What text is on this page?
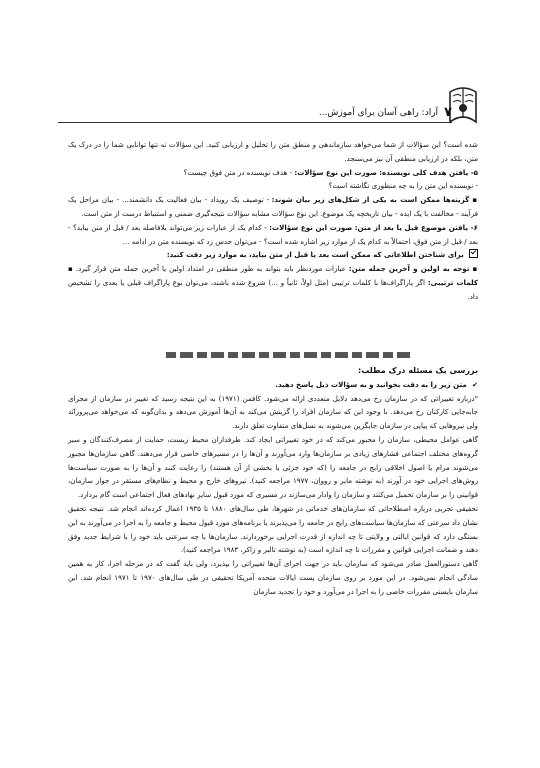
۷
آراد: راهی آسان برای آموزش...

شده است؟ این سؤالات از شما می‌خواهد سازماندهی و منطق متن را تحلیل و ارزیابی کنید. این سؤالات نه تنها توانایی شما را در درک یک متن، بلکه در ارزیابی منطقی آن نیز می‌سنجد.

۵- یافتن هدف کلی نویسنده: صورت این نوع سؤالات: - هدف نویسنده در متن فوق چیست؟

- نویسنده این متن را به چه منظوری نگاشته است؟

▪ گزینه‌ها ممکن است به یکی از شکل‌های زیر بیان شوند: - توصیف یک رویداد - بیان فعالیت یک دانشمند... - بیان مراحل یک فرآیند - مخالفت با یک ایده - بیان تاریخچه یک موضوع. این نوع سؤالات مشابه سؤالات نتیجه‌گیری ضمنی و استنباط درست از متن است.

۶- یافتن موضوع قبل یا بعد از متن: صورت این نوع سؤالات: - کدام یک از عبارات زیر می‌تواند بلافاصله بعد / قبل از متن بیاید؟ - بعد / قبل از متن فوق، احتمالاً به کدام یک از موارد زیر اشاره شده است؟ - می‌توان حدس زد که نویسنده متن در ادامه ...

برای شناختن اطلاعاتی که ممکن است بعد یا قبل از متن بیاید، به موارد زیر دقت کنید:

▪ توجه به اولین و آخرین جمله متن: عبارات موردنظر باید بتواند به طور منطقی در امتداد اولین یا آخرین جمله متن قرار گیرد. ▪ کلمات ترتیبی: اگر پاراگراف‌ها با کلمات ترتیبی (مثل اولاً، ثانیاً و ...) شروع شده باشند، می‌توان نوع پاراگراف قبلی یا بعدی را تشخیص داد.

بررسی یک مسئله درک مطلب:

✔ متن زیر را به دقت بخوانید و به سؤالات ذیل پاسخ دهید.

"درباره تغییراتی که در سازمان رخ می‌دهد دلایل متعددی ارائه می‌شود. کافمن (۱۹۷۱) به این نتیجه رسید که تغییر در سازمان از مجرای جابه‌جایی کارکنان رخ می‌دهد. با وجود این که سازمان افراد را گزینش می‌کند به آن‌ها آموزش می‌دهد و بدان‌گونه که می‌خواهد می‌پرورانَد ولی نیروهایی که پیاپی در سازمان جایگزین می‌شوند به نسل‌های متفاوت تعلق دارند.

گاهی عوامل محیطی، سازمان را مجبور می‌کند که در خود تغییراتی ایجاد کند. طرفداران محیط زیست، حمایت از مصرف‌کنندگان و سیر گروه‌های مختلف اجتماعی فشارهای زیادی بر سازمان‌ها وارد می‌آورند و آن‌ها را در مسیرهای خاصی قرار می‌دهند. گاهی سازمان‌ها مجبور می‌شوند مرام یا اصول اخلاقی رایج در جامعه را (که خود جزئی یا بخشی از آن هستند) را رعایت کنند و آن‌ها را به صورت سیاست‌ها روش‌های اجرایی خود در آورند (به نوشته مایر و روواِن، ۱۹۷۷ مراجعه کنید). نیروهای خارج و محیط و نظام‌های مستقر در جوار سازمان، قوانینی را بر سازمان تحمیل می‌کنند و سازمان را وادار می‌سازند در مسیری که مورد قبول سایر نهادهای فعال اجتماعی است گام بردارد.

تحقیقی تجربی درباره اصطلاحاتی که سازمان‌های خدماتی در شهرها، طی سال‌های ۱۸۸۰ تا ۱۹۳۵ اعمال کرده‌اند انجام شد. نتیجه تحقیق نشان داد سرعتی که سازمان‌ها سیاست‌های رایج در جامعه را می‌پذیرند یا برنامه‌های مورد قبول محیط و جامعه را به اجرا در می‌آورند به این بستگی دارد که قوانین ایالتی و ولایتی تا چه اندازه از قدرت اجرایی برخوردارند. سازمان‌ها با چه سرعتی باید خود را با شرایط جدید وفق دهند و ضمانت اجرایی قوانین و مقررات تا چه اندازه است (به نوشته تالبر و زاکر، ۱۹۸۳ مراجعه کنید).

گاهی دستورالعمل صادر می‌شود که سازمان باید در جهت اجرای آن‌ها تغییراتی را بپذیرد، ولی باید گفت که در مرحله اجرا، کار به همین سادگی انجام نمی‌شود. در این مورد بر روی سازمان پست ایالات متحده آمریکا تحقیقی در طی سال‌های ۱۹۷۰ تا ۱۹۷۱ انجام شد. این سازمان بایستی مقررات خاصی را به اجرا در می‌آورد و خود را تجدید سازمان
